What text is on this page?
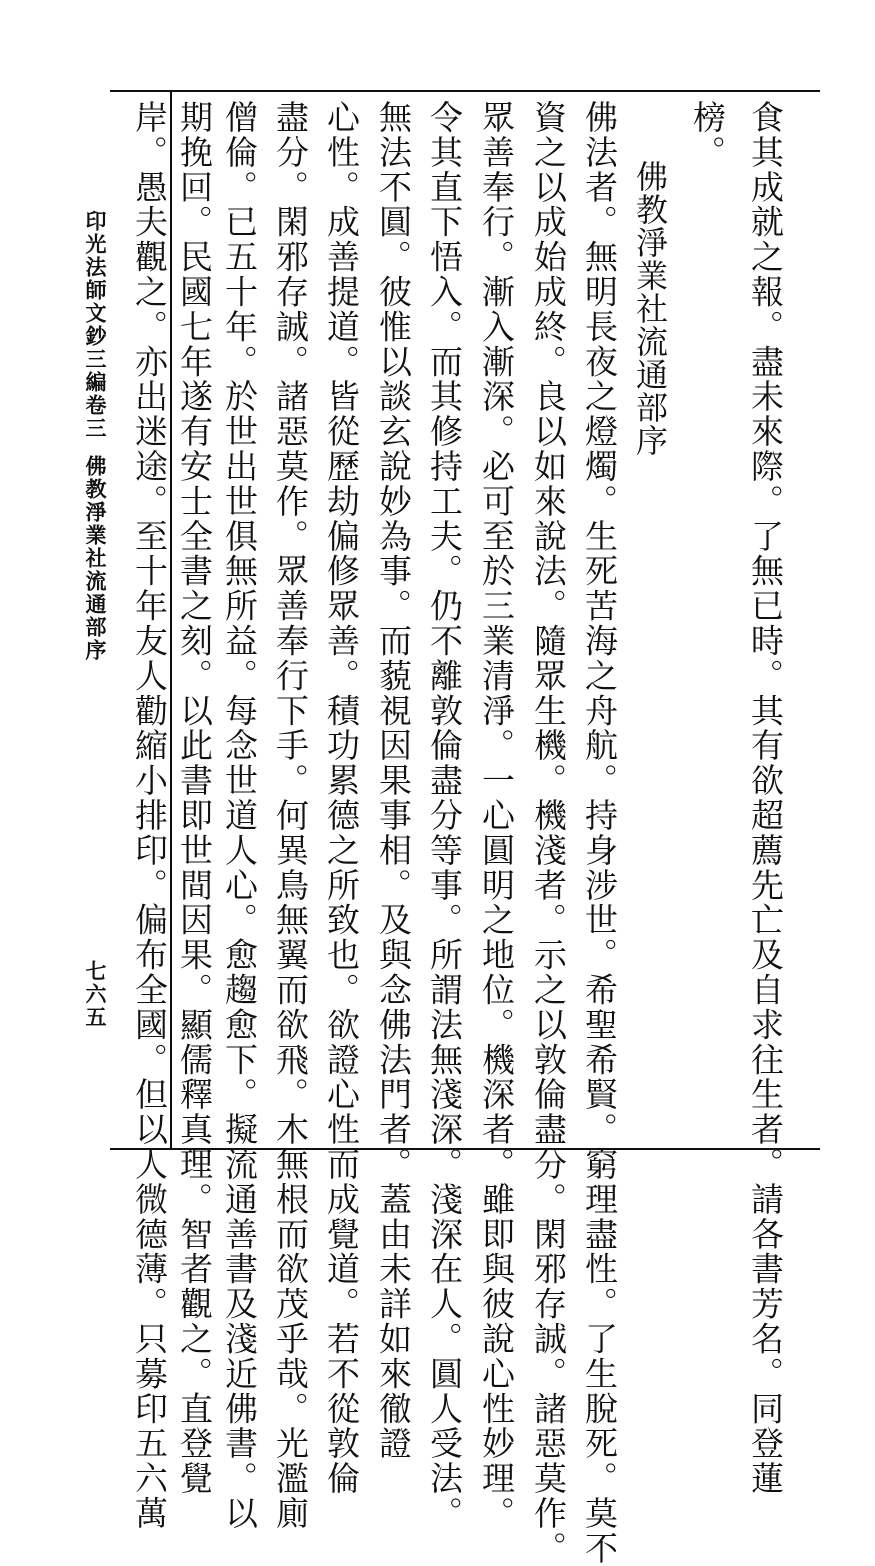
食其成就之報。盡未來際。了無已時。其有欲超薦先亡及自求往生者。請各書芳名。同登蓮
榜。
佛教淨業社流通部序
佛法者。無明長夜之燈燭。生死苦海之舟航。持身涉世。希聖希賢。窮理盡性。了生脫死。莫不
資之以成始成終。良以如來說法。隨眾生機。機淺者。示之以敦倫盡分。閑邪存誠。諸惡莫作。
眾善奉行。漸入漸深。必可至於三業清淨。一心圓明之地位。機深者。雖即與彼說心性妙理。
令其直下悟入。而其修持工夫。仍不離敦倫盡分等事。所謂法無淺深。淺深在人。圓人受法。
無法不圓。彼惟以談玄說妙為事。而藐視因果事相。及與念佛法門者。蓋由未詳如來徹證
心性。成善提道。皆從歷劫偏修眾善。積功累德之所致也。欲證心性而成覺道。若不從敦倫
盡分。閑邪存誠。諸惡莫作。眾善奉行下手。何異鳥無翼而欲飛。木無根而欲茂乎哉。光濫廁
僧倫。已五十年。於世出世俱無所益。每念世道人心。愈趨愈下。擬流通善書及淺近佛書。以
期挽回。民國七年遂有安士全書之刻。以此書即世間因果。顯儒釋真理。智者觀之。直登覺
岸。愚夫觀之。亦出迷途。至十年友人勸縮小排印。偏布全國。但以人微德薄。只募印五六萬
印光法師文鈔三編卷三
佛教淨業社流通部序
七六五
